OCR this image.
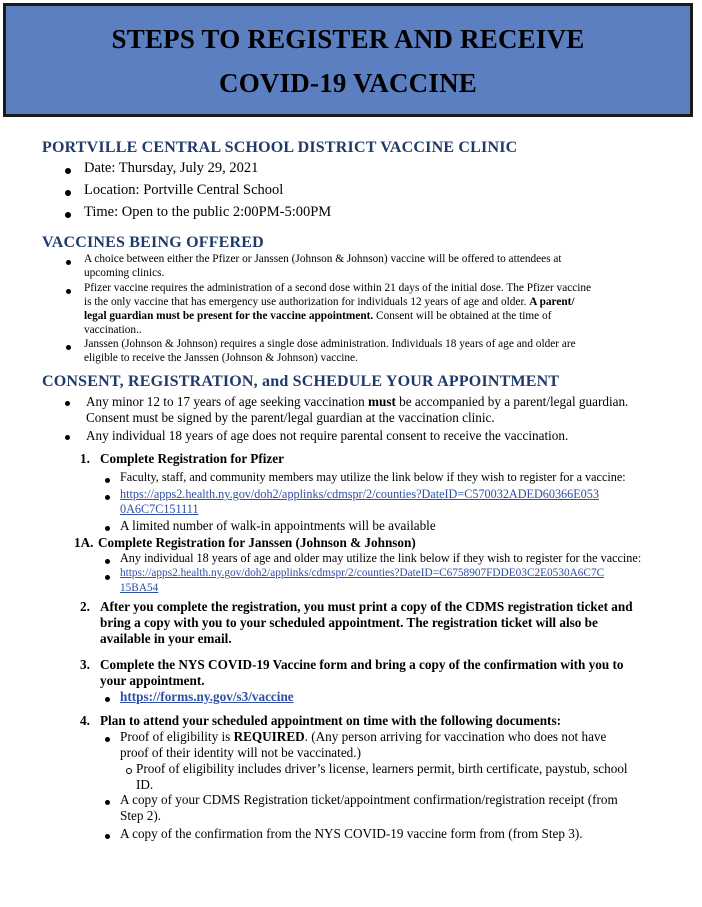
STEPS TO REGISTER AND RECEIVE
COVID-19 VACCINE
PORTVILLE CENTRAL SCHOOL DISTRICT VACCINE CLINIC
Date: Thursday, July 29, 2021
Location: Portville Central School
Time: Open to the public 2:00PM-5:00PM
VACCINES BEING OFFERED
A choice between either the Pfizer or Janssen (Johnson & Johnson) vaccine will be offered to attendees at
upcoming clinics.
Pfizer vaccine requires the administration of a second dose within 21 days of the initial dose. The Pfizer vaccine
is the only vaccine that has emergency use authorization for individuals 12 years of age and older. A parent/
legal guardian must be present for the vaccine appointment. Consent will be obtained at the time of
vaccination..
Janssen (Johnson & Johnson) requires a single dose administration. Individuals 18 years of age and older are
eligible to receive the Janssen (Johnson & Johnson) vaccine.
CONSENT, REGISTRATION, and SCHEDULE YOUR APPOINTMENT
Any minor 12 to 17 years of age seeking vaccination must be accompanied by a parent/legal guardian.
Consent must be signed by the parent/legal guardian at the vaccination clinic.
Any individual 18 years of age does not require parental consent to receive the vaccination.
1. Complete Registration for Pfizer
Faculty, staff, and community members may utilize the link below if they wish to register for a vaccine:
https://apps2.health.ny.gov/doh2/applinks/cdmspr/2/counties?DateID=C570032ADED60366E053
0A6C7C151111
A limited number of walk-in appointments will be available
1A. Complete Registration for Janssen (Johnson & Johnson)
Any individual 18 years of age and older may utilize the link below if they wish to register for the vaccine:
https://apps2.health.ny.gov/doh2/applinks/cdmspr/2/counties?DateID=C6758907FDDE03C2E0530A6C7C
15BA54
2. After you complete the registration, you must print a copy of the CDMS registration ticket and
bring a copy with you to your scheduled appointment. The registration ticket will also be
available in your email.
3. Complete the NYS COVID-19 Vaccine form and bring a copy of the confirmation with you to
your appointment.
https://forms.ny.gov/s3/vaccine
4. Plan to attend your scheduled appointment on time with the following documents:
Proof of eligibility is REQUIRED. (Any person arriving for vaccination who does not have
proof of their identity will not be vaccinated.)
Proof of eligibility includes driver’s license, learners permit, birth certificate, paystub, school
ID.
A copy of your CDMS Registration ticket/appointment confirmation/registration receipt (from
Step 2).
A copy of the confirmation from the NYS COVID-19 vaccine form from (from Step 3).
